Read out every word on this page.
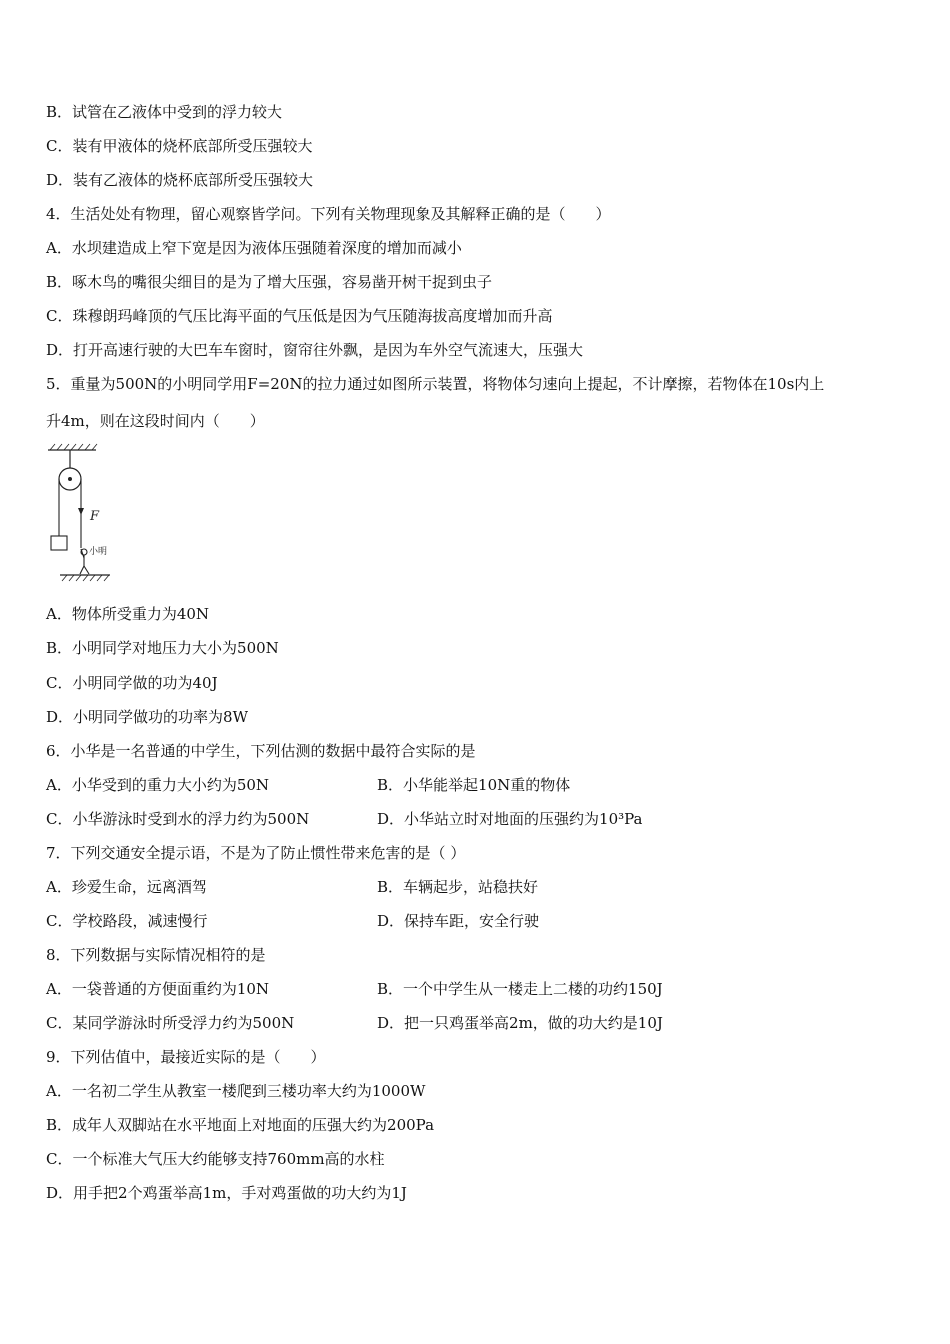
B．试管在乙液体中受到的浮力较大
C．装有甲液体的烧杯底部所受压强较大
D．装有乙液体的烧杯底部所受压强较大
4．生活处处有物理，留心观察皆学问。下列有关物理现象及其解释正确的是（　　）
A．水坝建造成上窄下宽是因为液体压强随着深度的增加而减小
B．啄木鸟的嘴很尖细目的是为了增大压强，容易凿开树干捉到虫子
C．珠穆朗玛峰顶的气压比海平面的气压低是因为气压随海拔高度增加而升高
D．打开高速行驶的大巴车车窗时，窗帘往外飘，是因为车外空气流速大，压强大
5．重量为500N的小明同学用F=20N的拉力通过如图所示装置，将物体匀速向上提起，不计摩擦，若物体在10s内上
升4m，则在这段时间内（　　）
F
小明
A．物体所受重力为40N
B．小明同学对地压力大小为500N
C．小明同学做的功为40J
D．小明同学做功的功率为8W
6．小华是一名普通的中学生，下列估测的数据中最符合实际的是
A．小华受到的重力大小约为50N	B．小华能举起10N重的物体
C．小华游泳时受到水的浮力约为500N	D．小华站立时对地面的压强约为10³Pa
7．下列交通安全提示语，不是为了防止惯性带来危害的是（ ）
A．珍爱生命，远离酒驾	B．车辆起步，站稳扶好
C．学校路段，减速慢行	D．保持车距，安全行驶
8．下列数据与实际情况相符的是
A．一袋普通的方便面重约为10N	B．一个中学生从一楼走上二楼的功约150J
C．某同学游泳时所受浮力约为500N	D．把一只鸡蛋举高2m，做的功大约是10J
9．下列估值中，最接近实际的是（　　）
A．一名初二学生从教室一楼爬到三楼功率大约为1000W
B．成年人双脚站在水平地面上对地面的压强大约为200Pa
C．一个标准大气压大约能够支持760mm高的水柱
D．用手把2个鸡蛋举高1m，手对鸡蛋做的功大约为1J
